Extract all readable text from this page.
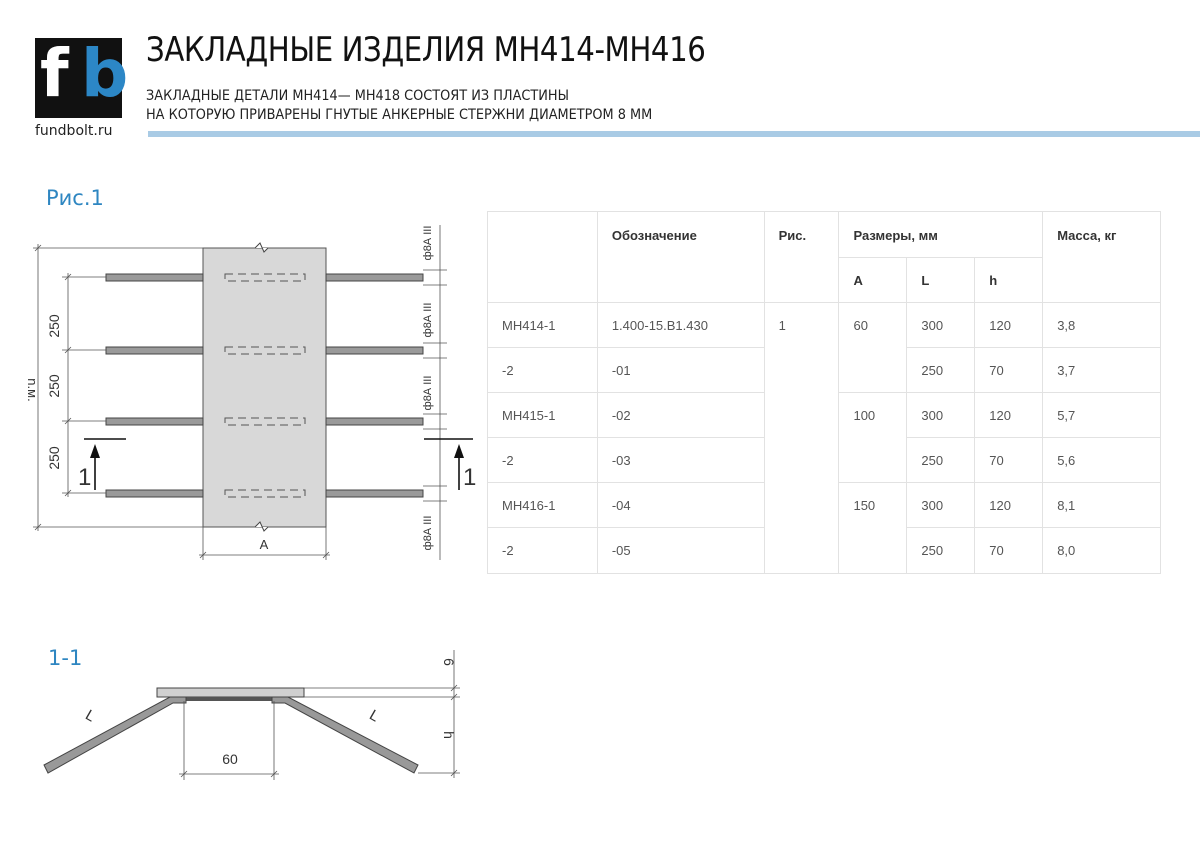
f b
fundbolt.ru
ЗАКЛАДНЫЕ ИЗДЕЛИЯ МН414-МН416
ЗАКЛАДНЫЕ ДЕТАЛИ МН414— МН418 СОСТОЯТ ИЗ ПЛАСТИНЫ
НА КОТОРУЮ ПРИВАРЕНЫ ГНУТЫЕ АНКЕРНЫЕ СТЕРЖНИ ДИАМЕТРОМ 8 ММ
Рис.1
1-1
250
250
250
n.м.
A
1	1
ф8А III
ф8А III
ф8А III
ф8А III
60
6
h
L	L
	Обозначение	Рис.	Размеры, мм			Масса, кг
			A	L	h	
МН414-1	1.400-15.В1.430	1	60	300	120	3,8
-2	-01			250	70	3,7
МН415-1	-02		100	300	120	5,7
-2	-03			250	70	5,6
МН416-1	-04		150	300	120	8,1
-2	-05			250	70	8,0
